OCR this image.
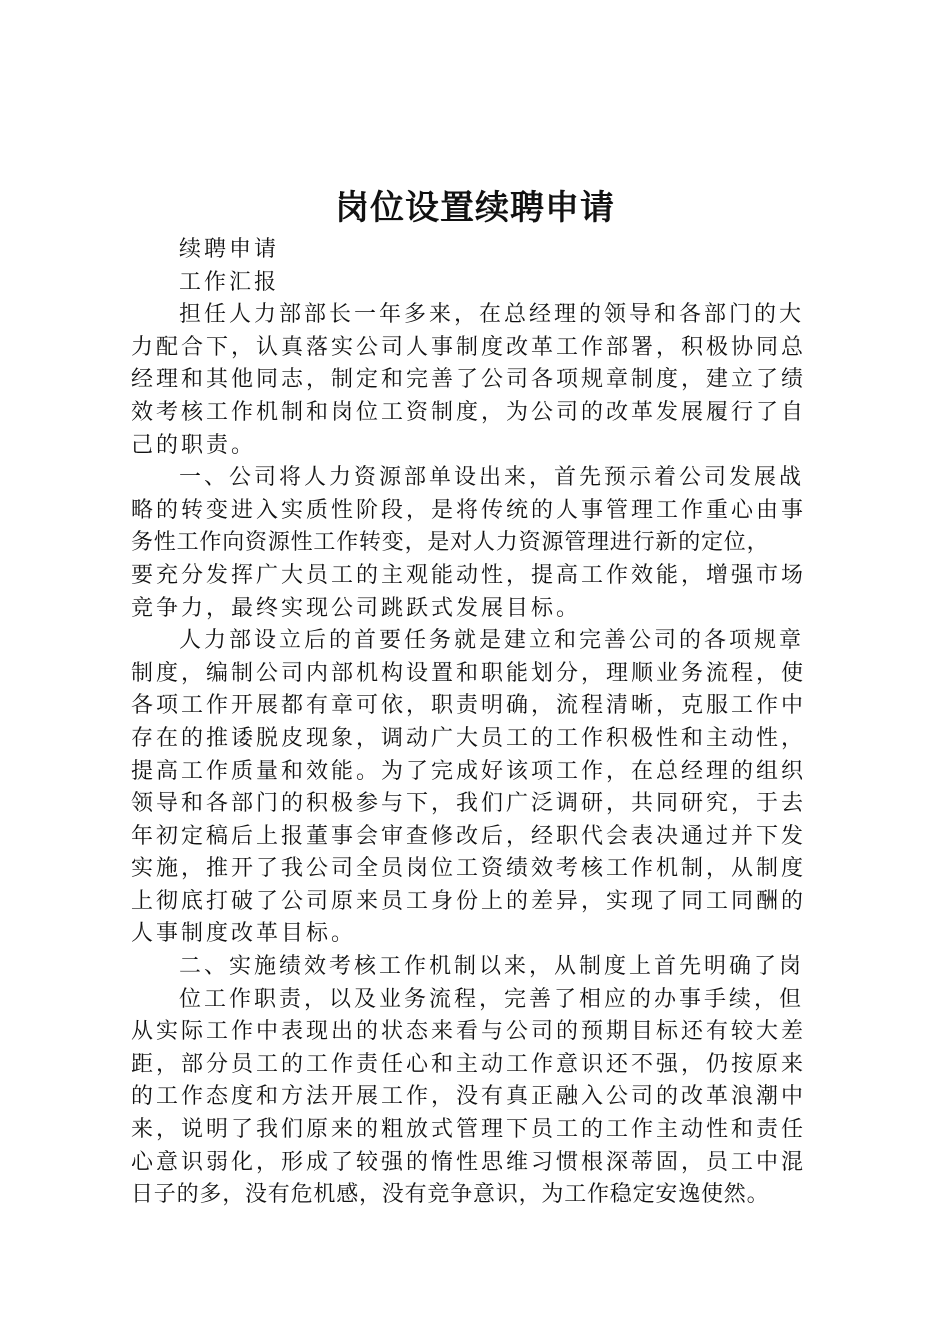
岗位设置续聘申请
续聘申请
工作汇报
担任人力部部长一年多来，在总经理的领导和各部门的大
力配合下，认真落实公司人事制度改革工作部署，积极协同总
经理和其他同志，制定和完善了公司各项规章制度，建立了绩
效考核工作机制和岗位工资制度，为公司的改革发展履行了自
己的职责。
一、公司将人力资源部单设出来，首先预示着公司发展战
略的转变进入实质性阶段，是将传统的人事管理工作重心由事
务性工作向资源性工作转变，是对人力资源管理进行新的定位，
要充分发挥广大员工的主观能动性，提高工作效能，增强市场
竞争力，最终实现公司跳跃式发展目标。
人力部设立后的首要任务就是建立和完善公司的各项规章
制度，编制公司内部机构设置和职能划分，理顺业务流程，使
各项工作开展都有章可依，职责明确，流程清晰，克服工作中
存在的推诿脱皮现象，调动广大员工的工作积极性和主动性，
提高工作质量和效能。为了完成好该项工作，在总经理的组织
领导和各部门的积极参与下，我们广泛调研，共同研究，于去
年初定稿后上报董事会审查修改后，经职代会表决通过并下发
实施，推开了我公司全员岗位工资绩效考核工作机制，从制度
上彻底打破了公司原来员工身份上的差异，实现了同工同酬的
人事制度改革目标。
二、实施绩效考核工作机制以来，从制度上首先明确了岗
位工作职责，以及业务流程，完善了相应的办事手续，但
从实际工作中表现出的状态来看与公司的预期目标还有较大差
距，部分员工的工作责任心和主动工作意识还不强，仍按原来
的工作态度和方法开展工作，没有真正融入公司的改革浪潮中
来，说明了我们原来的粗放式管理下员工的工作主动性和责任
心意识弱化，形成了较强的惰性思维习惯根深蒂固，员工中混
日子的多，没有危机感，没有竞争意识，为工作稳定安逸使然。
